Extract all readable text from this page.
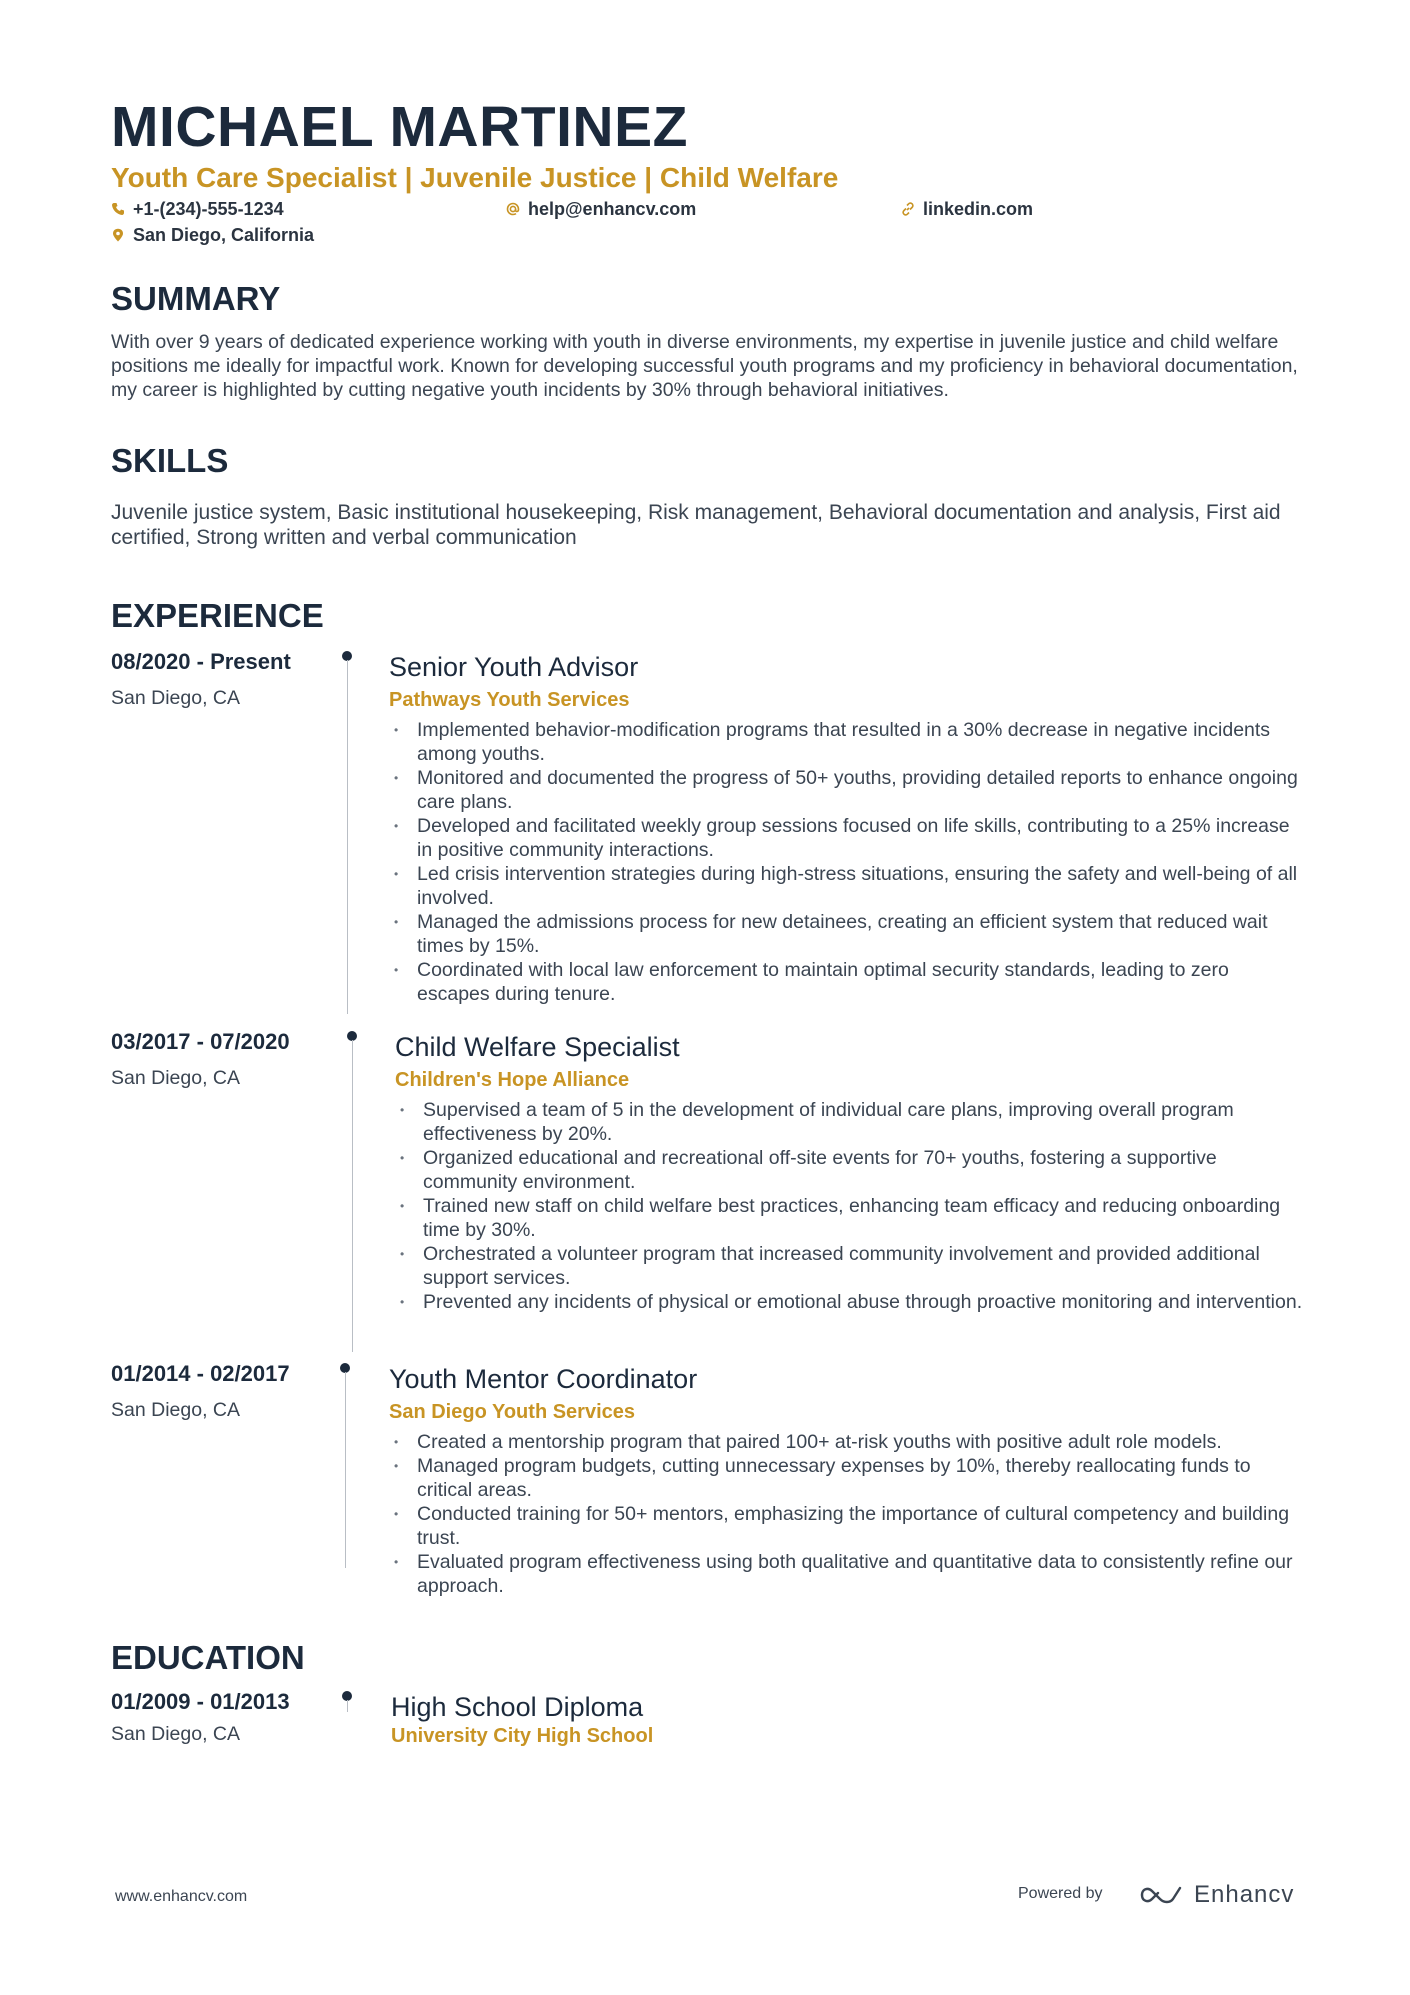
MICHAEL MARTINEZ
Youth Care Specialist | Juvenile Justice | Child Welfare
+1-(234)-555-1234	help@enhancv.com	linkedin.com
San Diego, California
SUMMARY

With over 9 years of dedicated experience working with youth in diverse environments, my expertise in juvenile justice and child welfare positions me ideally for impactful work. Known for developing successful youth programs and my proficiency in behavioral documentation, my career is highlighted by cutting negative youth incidents by 30% through behavioral initiatives.

SKILLS

Juvenile justice system, Basic institutional housekeeping, Risk management, Behavioral documentation and analysis, First aid certified, Strong written and verbal communication

EXPERIENCE
08/2020 - Present
San Diego, CA
Senior Youth Advisor
Pathways Youth Services
• Implemented behavior-modification programs that resulted in a 30% decrease in negative incidents among youths.
• Monitored and documented the progress of 50+ youths, providing detailed reports to enhance ongoing care plans.
• Developed and facilitated weekly group sessions focused on life skills, contributing to a 25% increase in positive community interactions.
• Led crisis intervention strategies during high-stress situations, ensuring the safety and well-being of all involved.
• Managed the admissions process for new detainees, creating an efficient system that reduced wait times by 15%.
• Coordinated with local law enforcement to maintain optimal security standards, leading to zero escapes during tenure.
03/2017 - 07/2020
San Diego, CA
Child Welfare Specialist
Children's Hope Alliance
• Supervised a team of 5 in the development of individual care plans, improving overall program effectiveness by 20%.
• Organized educational and recreational off-site events for 70+ youths, fostering a supportive community environment.
• Trained new staff on child welfare best practices, enhancing team efficacy and reducing onboarding time by 30%.
• Orchestrated a volunteer program that increased community involvement and provided additional support services.
• Prevented any incidents of physical or emotional abuse through proactive monitoring and intervention.
01/2014 - 02/2017
San Diego, CA
Youth Mentor Coordinator
San Diego Youth Services
• Created a mentorship program that paired 100+ at-risk youths with positive adult role models.
• Managed program budgets, cutting unnecessary expenses by 10%, thereby reallocating funds to critical areas.
• Conducted training for 50+ mentors, emphasizing the importance of cultural competency and building trust.
• Evaluated program effectiveness using both qualitative and quantitative data to consistently refine our approach.
EDUCATION
01/2009 - 01/2013
San Diego, CA
High School Diploma
University City High School
www.enhancv.com	Powered by	Enhancv
